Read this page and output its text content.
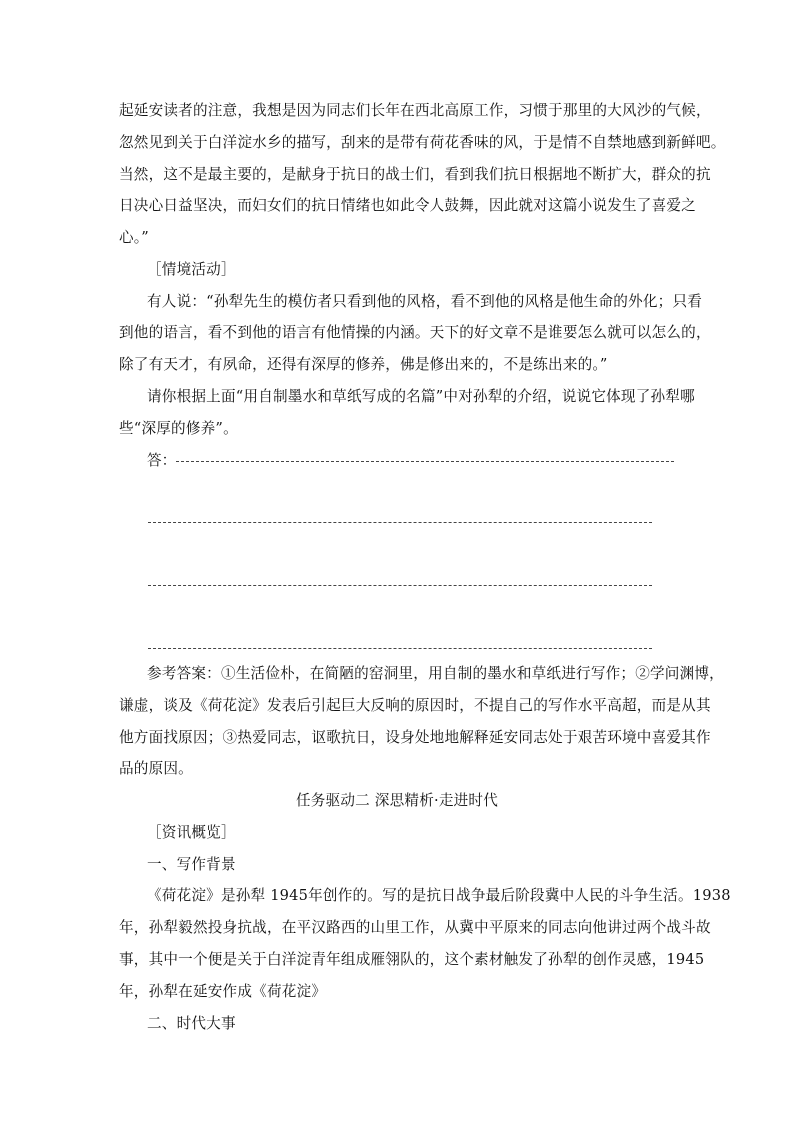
起延安读者的注意，我想是因为同志们长年在西北高原工作，习惯于那里的大风沙的气候，
忽然见到关于白洋淀水乡的描写，刮来的是带有荷花香味的风，于是情不自禁地感到新鲜吧。
当然，这不是最主要的，是献身于抗日的战士们，看到我们抗日根据地不断扩大，群众的抗
日决心日益坚决，而妇女们的抗日情绪也如此令人鼓舞，因此就对这篇小说发生了喜爱之
心。”
［情境活动］
有人说：“孙犁先生的模仿者只看到他的风格，看不到他的风格是他生命的外化；只看
到他的语言，看不到他的语言有他情操的内涵。天下的好文章不是谁要怎么就可以怎么的，
除了有天才，有夙命，还得有深厚的修养，佛是修出来的，不是练出来的。”
请你根据上面“用自制墨水和草纸写成的名篇”中对孙犁的介绍，说说它体现了孙犁哪
些“深厚的修养”。
答：
参考答案：①生活俭朴，在简陋的窑洞里，用自制的墨水和草纸进行写作；②学问渊博，
谦虚，谈及《荷花淀》发表后引起巨大反响的原因时，不提自己的写作水平高超，而是从其
他方面找原因；③热爱同志，讴歌抗日，设身处地地解释延安同志处于艰苦环境中喜爱其作
品的原因。
任务驱动二 深思精析·走进时代
［资讯概览］
一、写作背景
《荷花淀》是孙犁 1945年创作的。写的是抗日战争最后阶段冀中人民的斗争生活。1938
年，孙犁毅然投身抗战，在平汉路西的山里工作，从冀中平原来的同志向他讲过两个战斗故
事，其中一个便是关于白洋淀青年组成雁翎队的，这个素材触发了孙犁的创作灵感，1945
年，孙犁在延安作成《荷花淀》
二、时代大事
